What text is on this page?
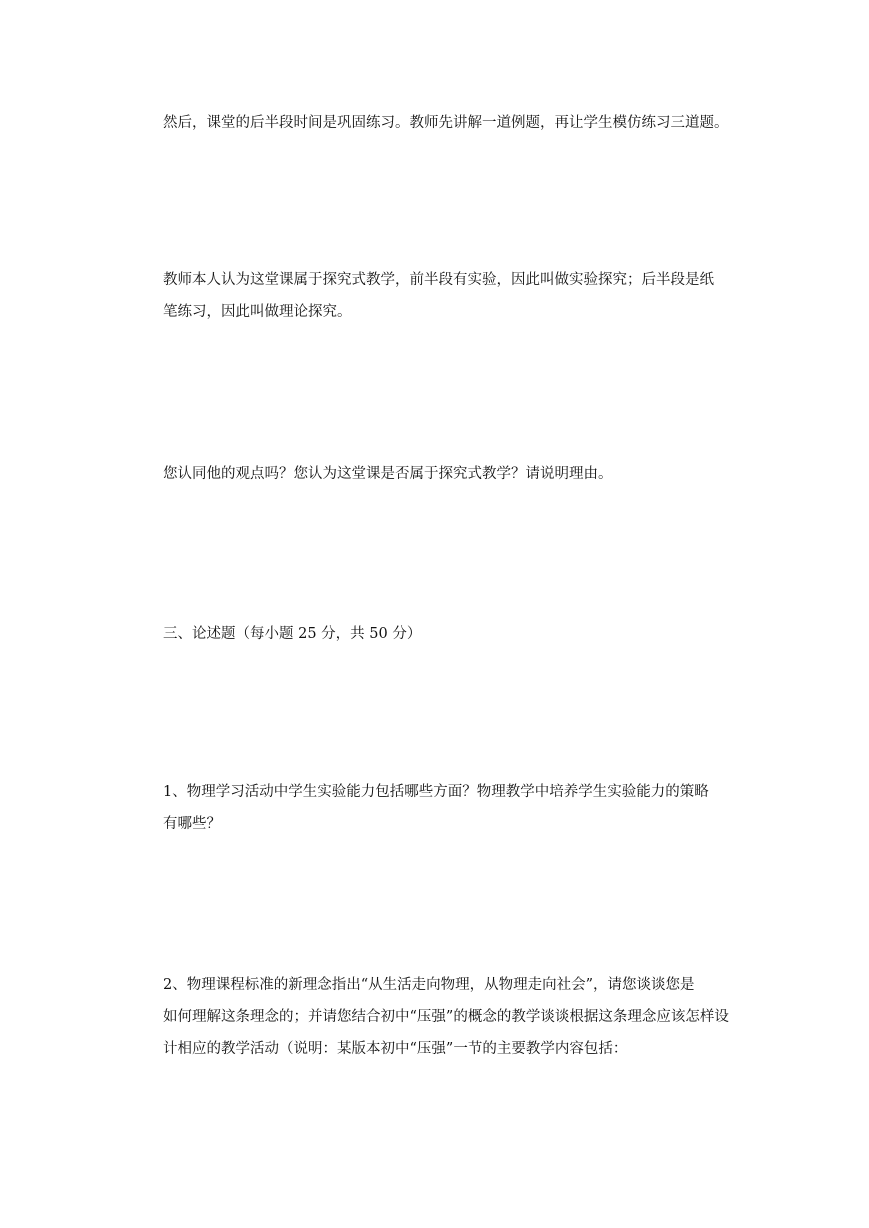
然后，课堂的后半段时间是巩固练习。教师先讲解一道例题，再让学生模仿练习三道题。

教师本人认为这堂课属于探究式教学，前半段有实验，因此叫做实验探究；后半段是纸
笔练习，因此叫做理论探究。

您认同他的观点吗？您认为这堂课是否属于探究式教学？请说明理由。

三、论述题（每小题 25 分，共 50 分）

1、物理学习活动中学生实验能力包括哪些方面？物理教学中培养学生实验能力的策略
有哪些？

2、物理课程标准的新理念指出“从生活走向物理，从物理走向社会”，请您谈谈您是
如何理解这条理念的；并请您结合初中“压强”的概念的教学谈谈根据这条理念应该怎样设
计相应的教学活动（说明：某版本初中“压强”一节的主要教学内容包括：
